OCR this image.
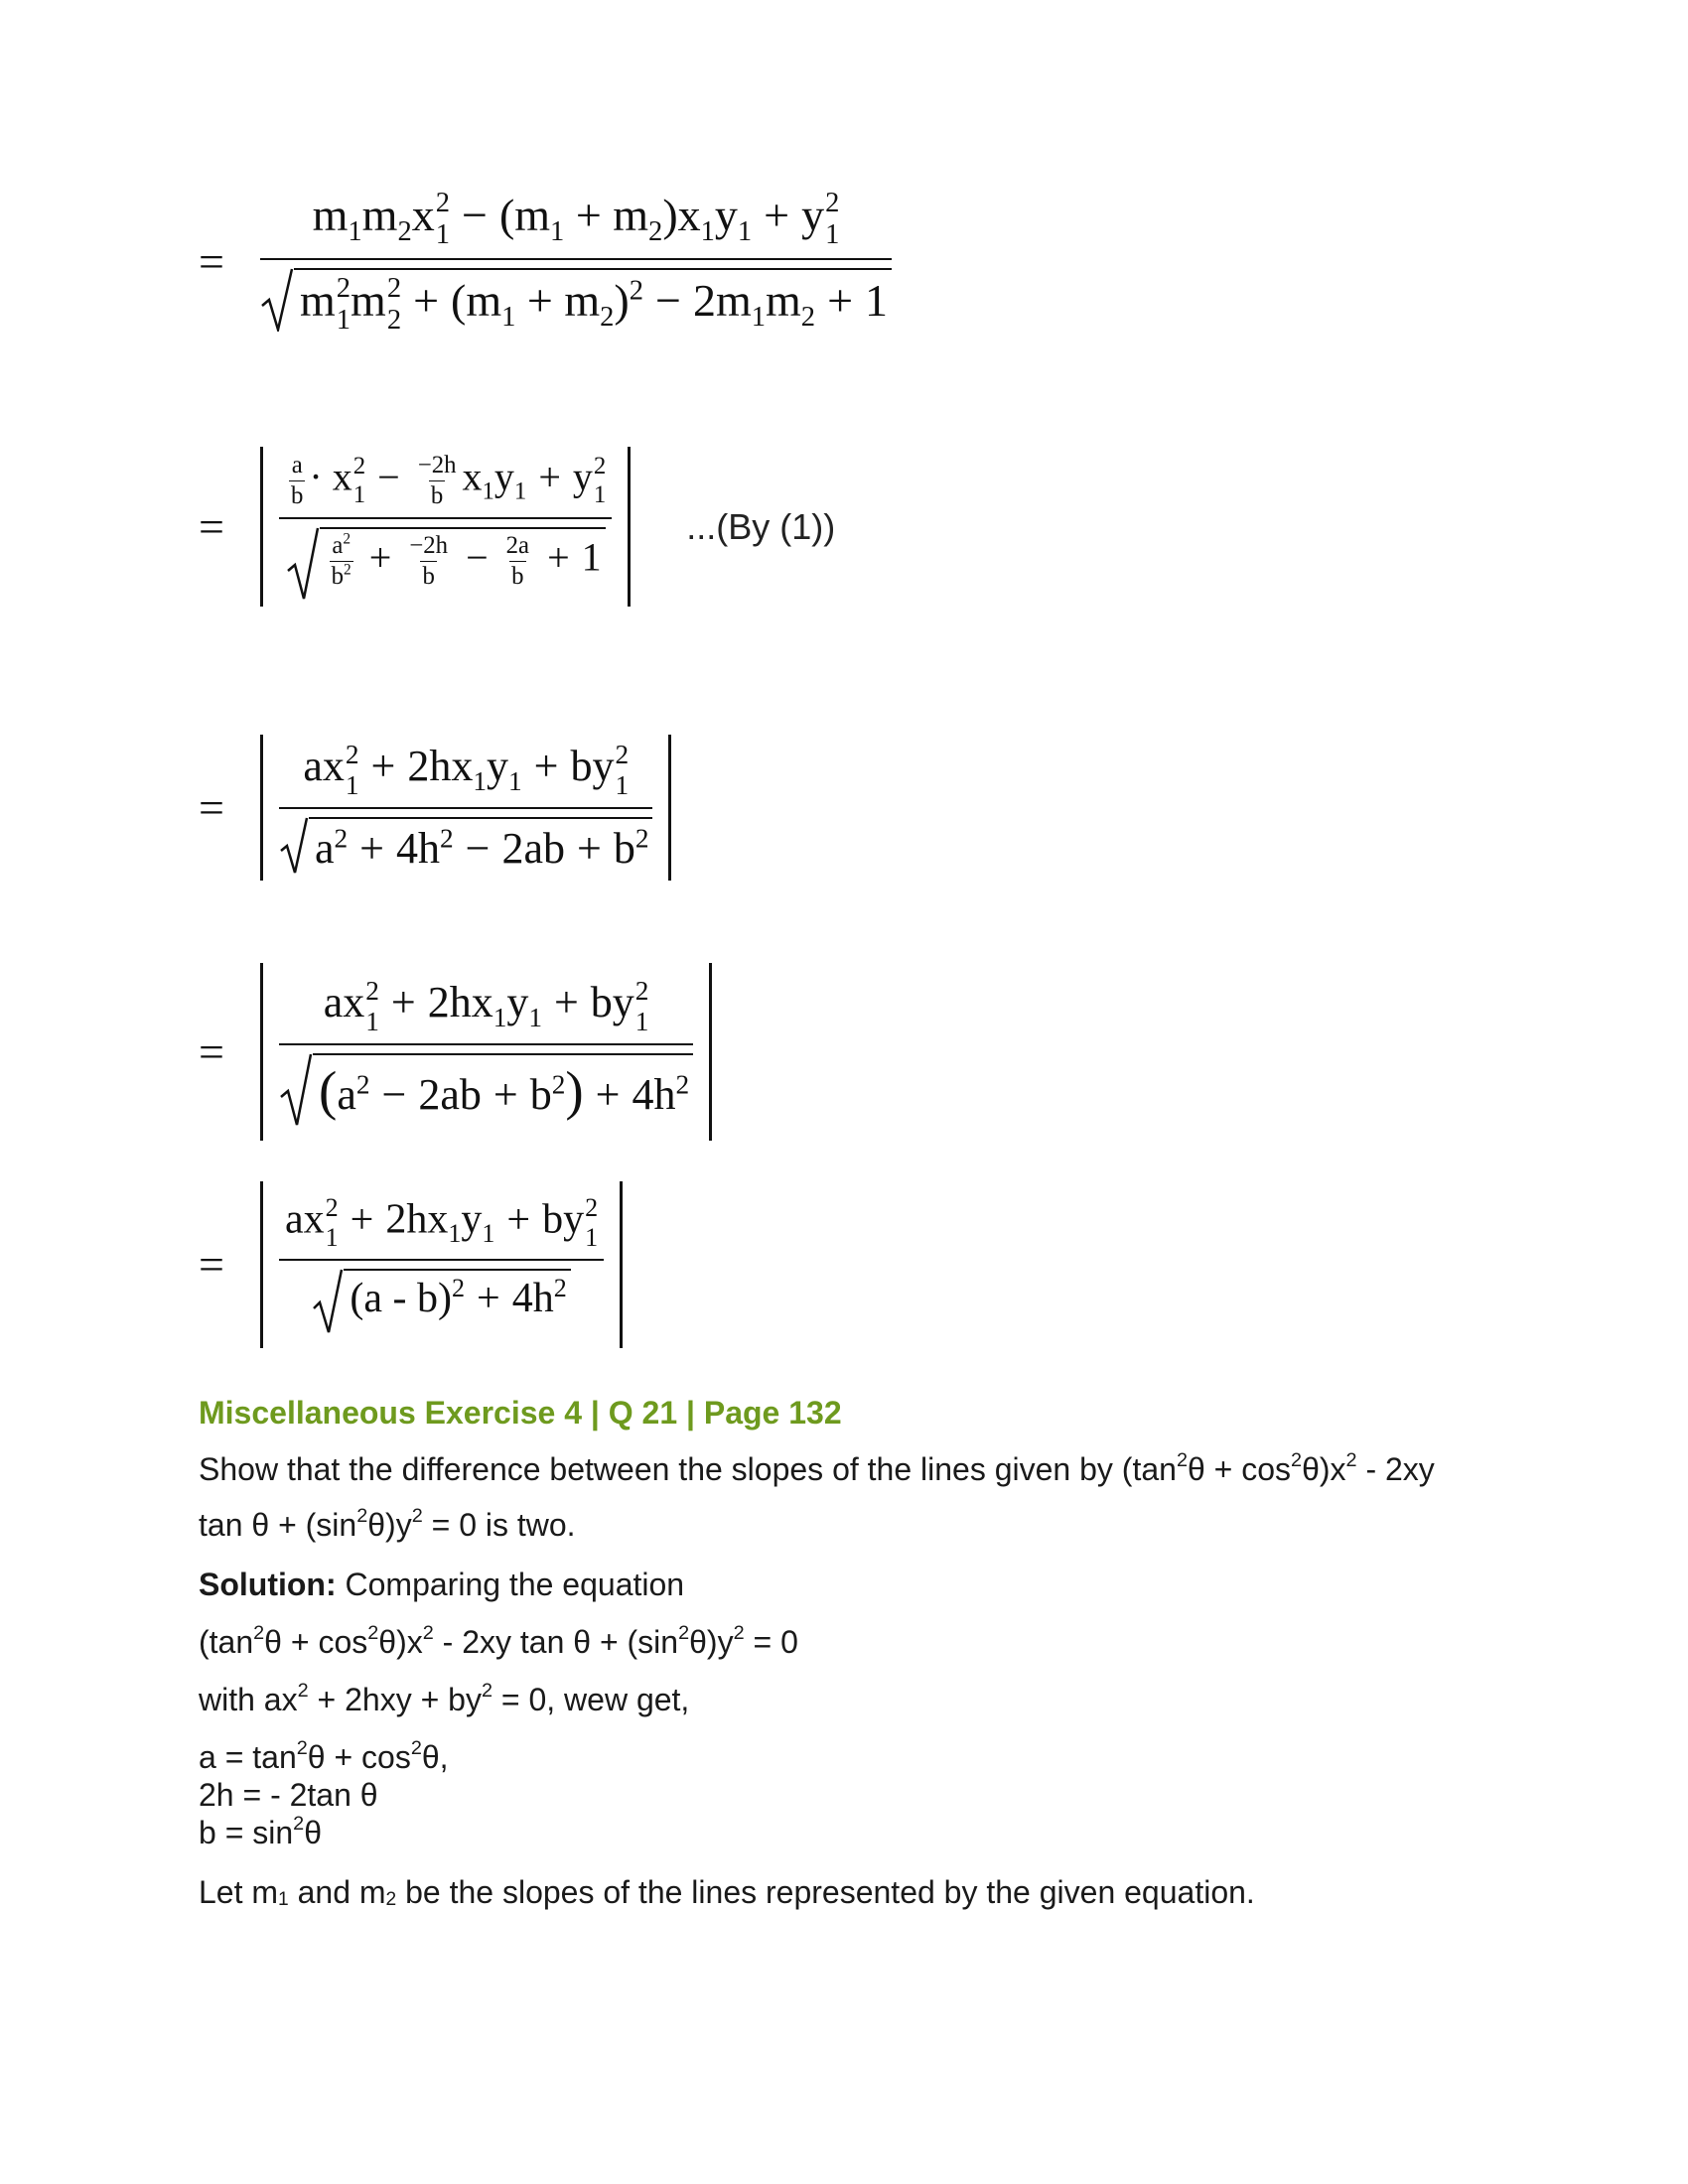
= $m_1m_2x$ 2
$1 - (m_1 + m_2)x_1y_1 + y$ 2
1
m 2
1 m 2
$2 + (m_1 + m_2)^2 - 2m_1m_2 + 1$
=	$\frac{a}{b} \cdot x$ 2
$1 - \frac{-2h}{b} x_1y_1 + y$ 2
1
$\frac{a^2}{b^2} + \frac{-2h}{b} - \frac{2a}{b} + 1$ ...(By (1))
=	ax 2
$1 + 2hx_1y_1$ + by 2
1
$a^2 + 4h^2 - 2ab + b^2$
=	ax 2
$1 + 2hx_1y_1$ + by 2
1
$(a^2 - 2ab + b^2) + 4h^2$
=	ax 2
$1 + 2hx_1y_1$ + by 2
1
$(a - b)^2 + 4h^2$
Miscellaneous Exercise 4 | Q 21 | Page 132
Show that the difference between the slopes of the lines given by $(\tan^2\theta + \cos^2\theta)x^2 - 2xy$
$\tan \theta + (\sin^2\theta)y^2 = 0$ is two.
Solution: Comparing the equation
$(\tan^2\theta + \cos^2\theta)x^2 - 2xy$ $\tan \theta + (\sin^2\theta)y^2 = 0$
with $ax^2 + 2hxy + by^2 = 0$, wew get,
$a = \tan^2\theta + \cos^2\theta$,
2h = - 2tan θ
$b = \sin^2\theta$
Let $m_1$ and $m_2$ be the slopes of the lines represented by the given equation.
